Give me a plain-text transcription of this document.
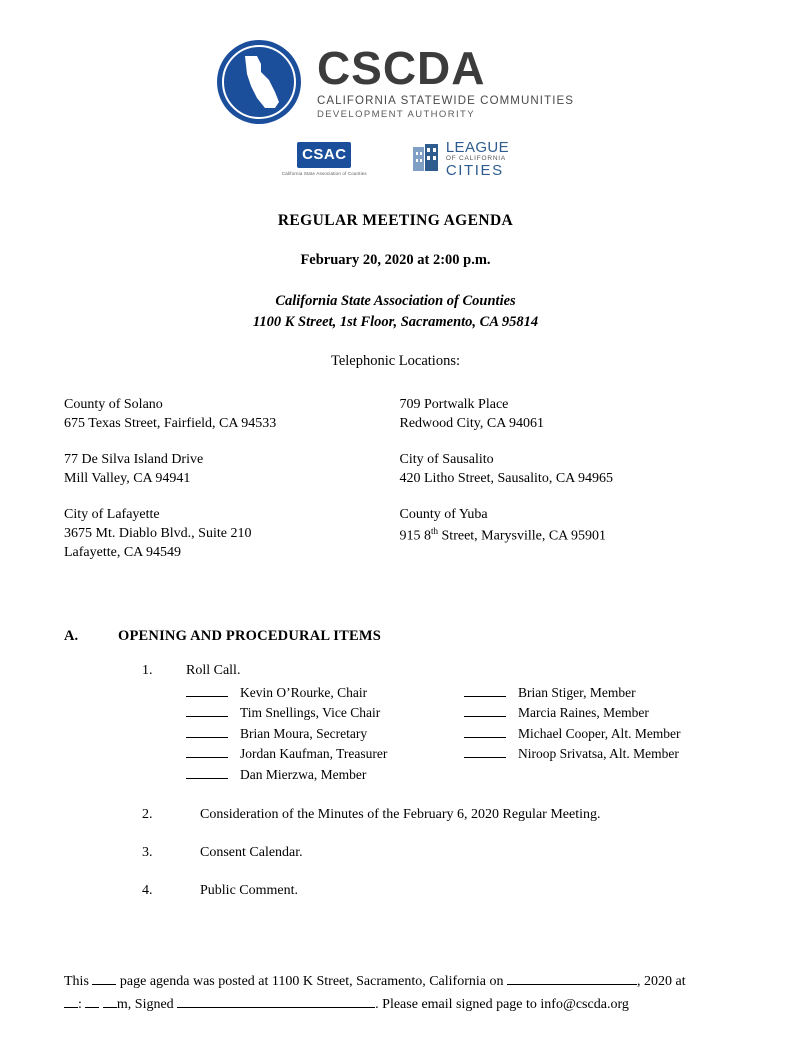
CSCDA
CALIFORNIA STATEWIDE COMMUNITIES
DEVELOPMENT AUTHORITY
CSAC
California State Association of Counties
LEAGUE
OF CALIFORNIA
CITIES
REGULAR MEETING AGENDA
February 20, 2020 at 2:00 p.m.
California State Association of Counties
1100 K Street, 1st Floor, Sacramento, CA 95814
Telephonic Locations:
County of Solano
675 Texas Street, Fairfield, CA 94533
77 De Silva Island Drive
Mill Valley, CA 94941
City of Lafayette
3675 Mt. Diablo Blvd., Suite 210
Lafayette, CA 94549
709 Portwalk Place
Redwood City, CA 94061
City of Sausalito
420 Litho Street, Sausalito, CA 94965
County of Yuba
915 8th Street, Marysville, CA 95901
A.	OPENING AND PROCEDURAL ITEMS
1.	Roll Call.
Kevin O’Rourke, Chair
Tim Snellings, Vice Chair
Brian Moura, Secretary
Jordan Kaufman, Treasurer
Dan Mierzwa, Member
Brian Stiger, Member
Marcia Raines, Member
Michael Cooper, Alt. Member
Niroop Srivatsa, Alt. Member
2.	Consideration of the Minutes of the February 6, 2020 Regular Meeting.
3.	Consent Calendar.
4.	Public Comment.
This  page agenda was posted at 1100 K Street, Sacramento, California on	, 2020 at
:  m, Signed	. Please email signed page to info@cscda.org
